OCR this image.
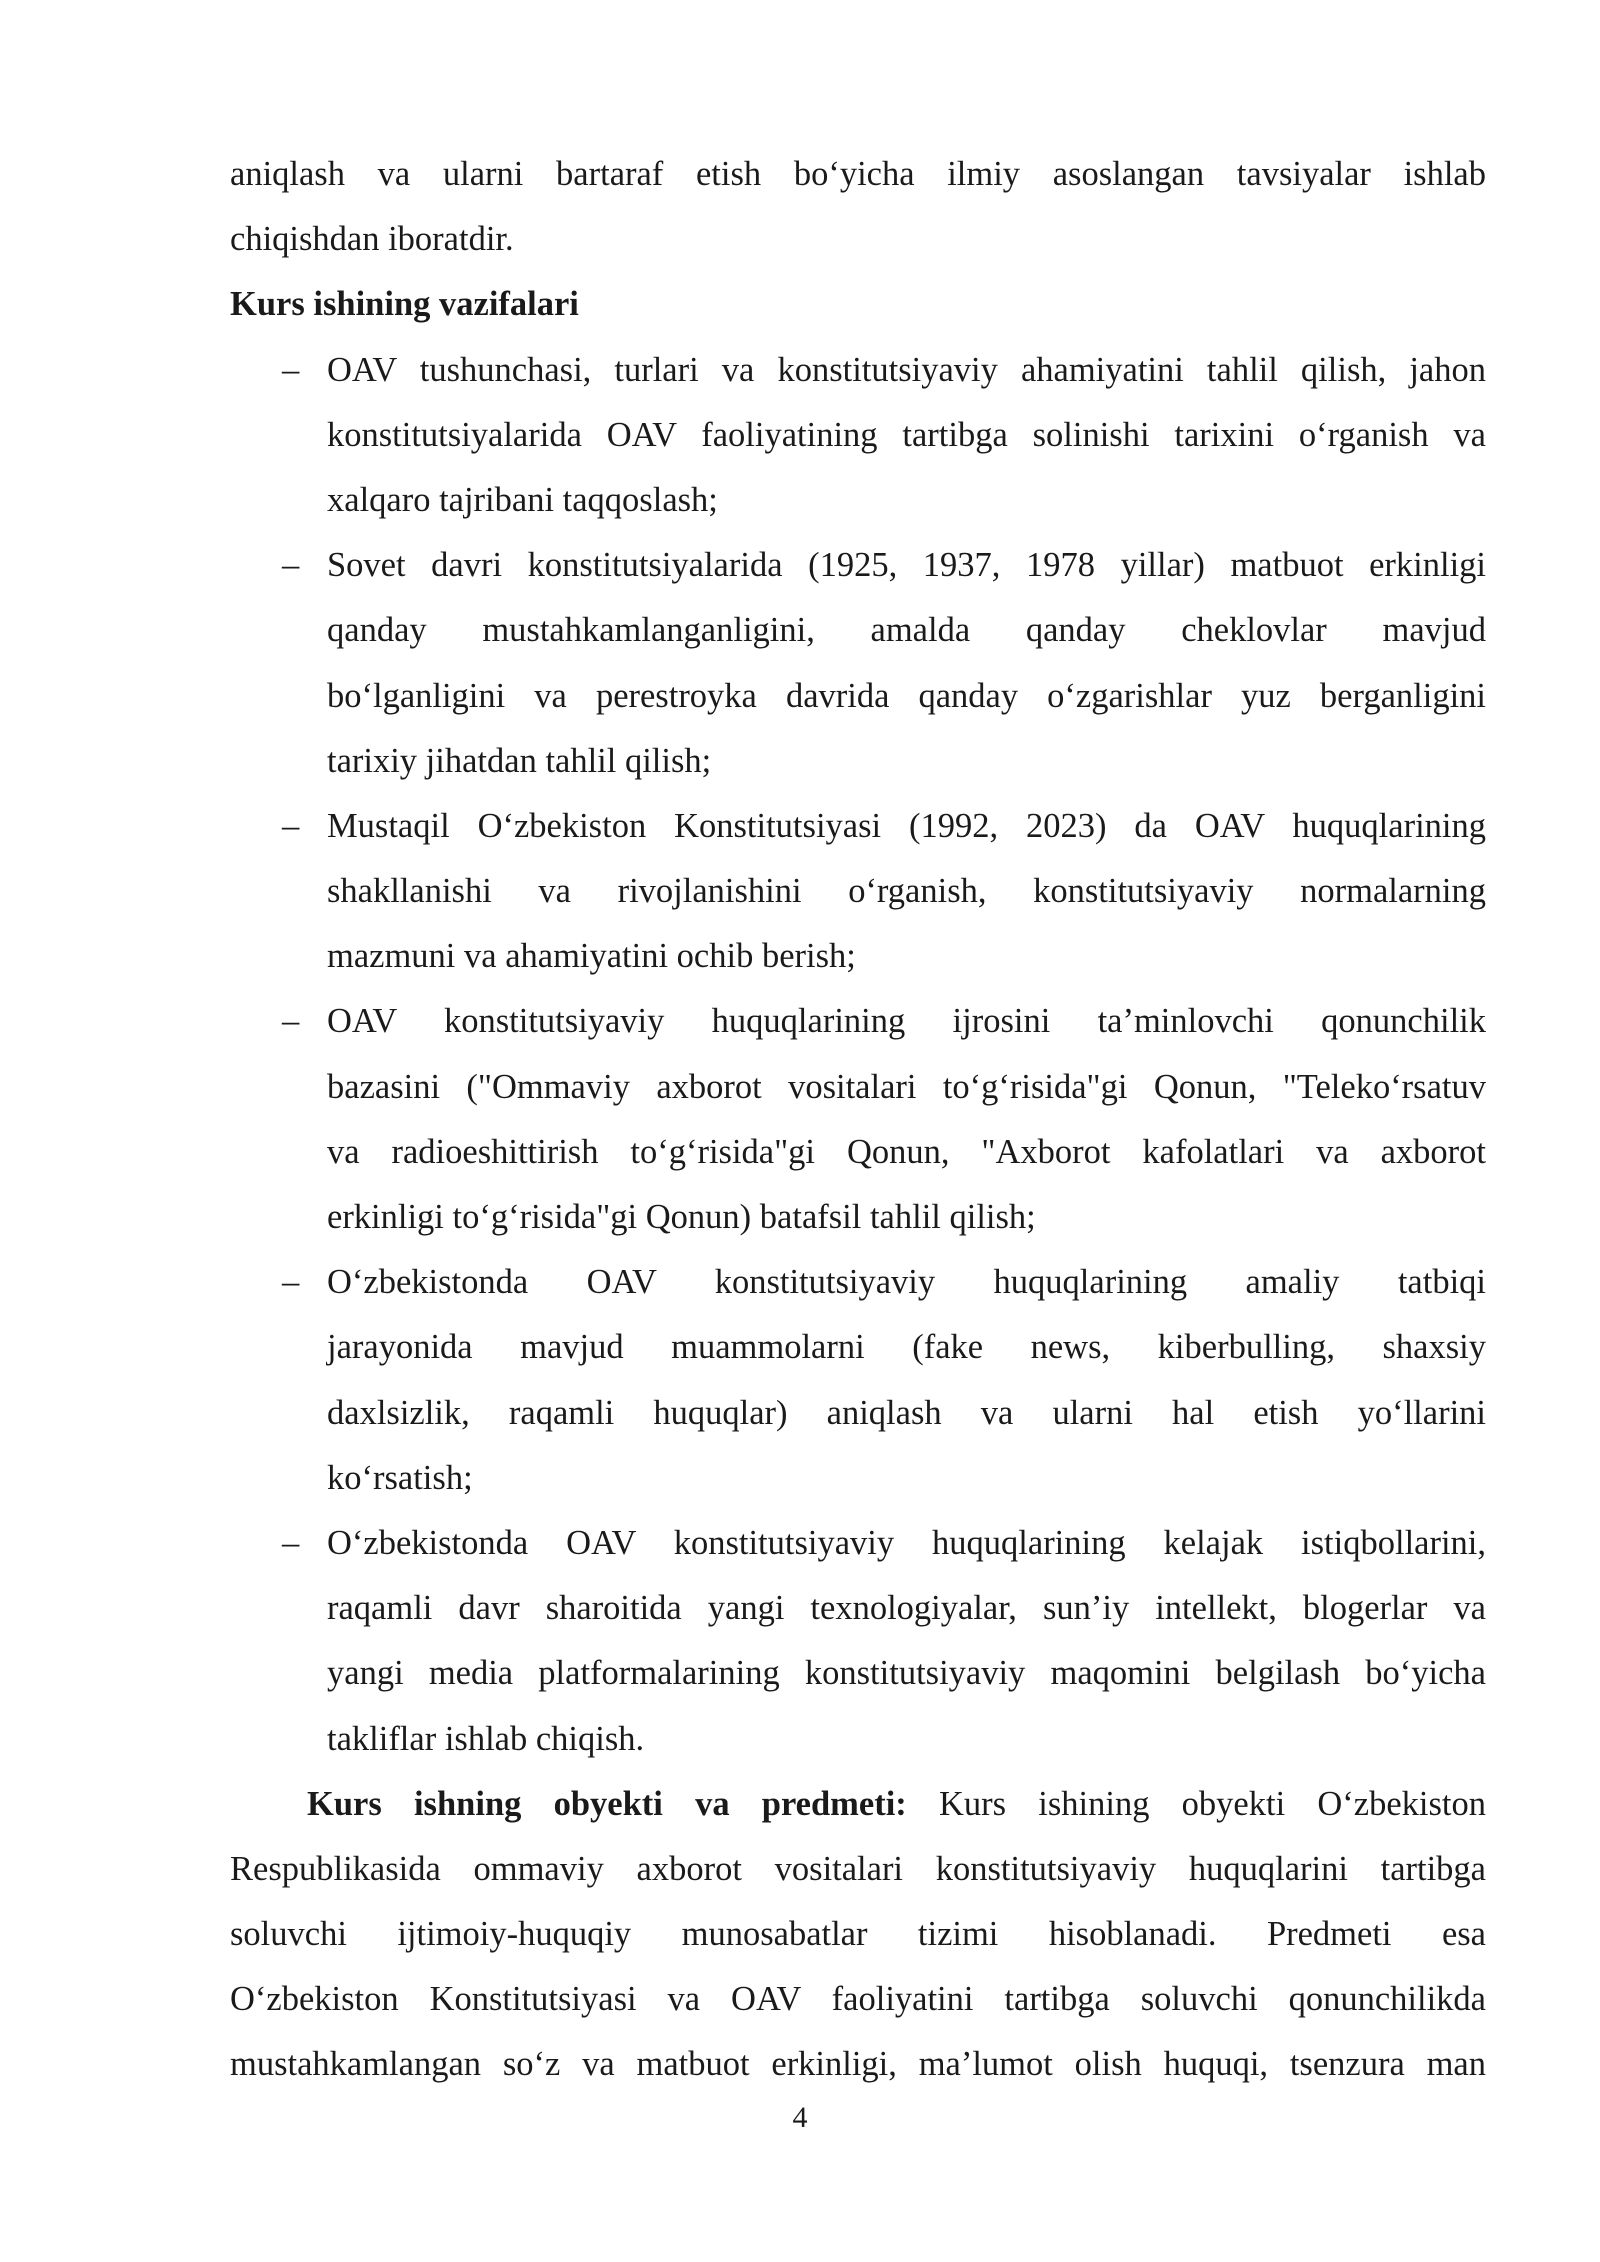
aniqlash va ularni bartaraf etish bo‘yicha ilmiy asoslangan tavsiyalar ishlab
chiqishdan iboratdir.
Kurs ishining vazifalari
– OAV tushunchasi, turlari va konstitutsiyaviy ahamiyatini tahlil qilish, jahon
konstitutsiyalarida OAV faoliyatining tartibga solinishi tarixini o‘rganish va
xalqaro tajribani taqqoslash;
– Sovet davri konstitutsiyalarida (1925, 1937, 1978 yillar) matbuot erkinligi
qanday mustahkamlanganligini, amalda qanday cheklovlar mavjud
bo‘lganligini va perestroyka davrida qanday o‘zgarishlar yuz berganligini
tarixiy jihatdan tahlil qilish;
– Mustaqil O‘zbekiston Konstitutsiyasi (1992, 2023) da OAV huquqlarining
shakllanishi va rivojlanishini o‘rganish, konstitutsiyaviy normalarning
mazmuni va ahamiyatini ochib berish;
– OAV konstitutsiyaviy huquqlarining ijrosini ta’minlovchi qonunchilik
bazasini ("Ommaviy axborot vositalari to‘g‘risida"gi Qonun, "Teleko‘rsatuv
va radioeshittirish to‘g‘risida"gi Qonun, "Axborot kafolatlari va axborot
erkinligi to‘g‘risida"gi Qonun) batafsil tahlil qilish;
– O‘zbekistonda OAV konstitutsiyaviy huquqlarining amaliy tatbiqi
jarayonida mavjud muammolarni (fake news, kiberbulling, shaxsiy
daxlsizlik, raqamli huquqlar) aniqlash va ularni hal etish yo‘llarini
ko‘rsatish;
– O‘zbekistonda OAV konstitutsiyaviy huquqlarining kelajak istiqbollarini,
raqamli davr sharoitida yangi texnologiyalar, sun’iy intellekt, blogerlar va
yangi media platformalarining konstitutsiyaviy maqomini belgilash bo‘yicha
takliflar ishlab chiqish.
Kurs ishning obyekti va predmeti: Kurs ishining obyekti O‘zbekiston
Respublikasida ommaviy axborot vositalari konstitutsiyaviy huquqlarini tartibga
soluvchi ijtimoiy-huquqiy munosabatlar tizimi hisoblanadi. Predmeti esa
O‘zbekiston Konstitutsiyasi va OAV faoliyatini tartibga soluvchi qonunchilikda
mustahkamlangan so‘z va matbuot erkinligi, ma’lumot olish huquqi, tsenzura man
4
